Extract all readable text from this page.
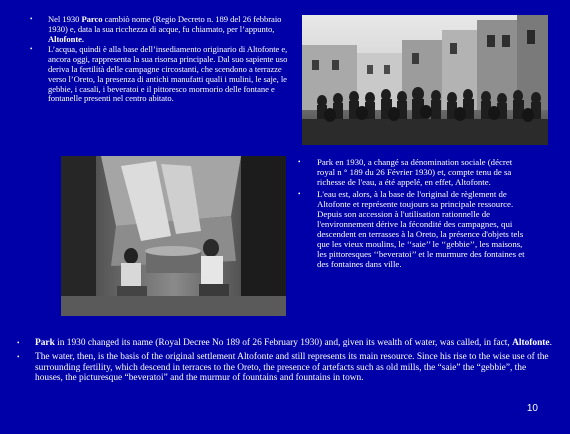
• Nel 1930 Parco cambiò nome (Regio Decreto n. 189 del 26 febbraio 1930) e, data la sua ricchezza di acque, fu chiamato, per l’appunto, Altofonte.
• L’acqua, quindi è alla base dell’insediamento originario di Altofonte e, ancora oggi, rappresenta la sua risorsa principale. Dal suo sapiente uso deriva la fertilità delle campagne circostanti, che scendono a terrazze verso l’Oreto, la presenza di antichi manufatti quali i mulini, le saje, le gebbie, i casali, i beveratoi e il pittoresco mormorio delle fontane e fontanelle presenti nel centro abitato.
• Park en 1930, a changé sa dénomination sociale (décret royal n ° 189 du 26 Février 1930) et, compte tenu de sa richesse de l'eau, a été appelé, en effet, Altofonte.
• L'eau est, alors, à la base de l'original de règlement de Altofonte et représente toujours sa principale ressource. Depuis son accession à l'utilisation rationnelle de l'environnement dérive la fécondité des campagnes, qui descendent en terrasses à la Oreto, la présence d'objets tels que les vieux moulins, le ‘‘saie’’ le ‘‘gebbie’’, les maisons, les pittoresques ‘‘beveratoi’’ et le murmure des fontaines et des fontaines dans ville.
• Park in 1930 changed its name (Royal Decree No 189 of 26 February 1930) and, given its wealth of water, was called, in fact, Altofonte.
• The water, then, is the basis of the original settlement Altofonte and still represents its main resource. Since his rise to the wise use of the surrounding fertility, which descend in terraces to the Oreto, the presence of artefacts such as old mills, the “saie” the “gebbie”, the houses, the picturesque “beveratoi” and the murmur of fountains and fountains in town.
10
